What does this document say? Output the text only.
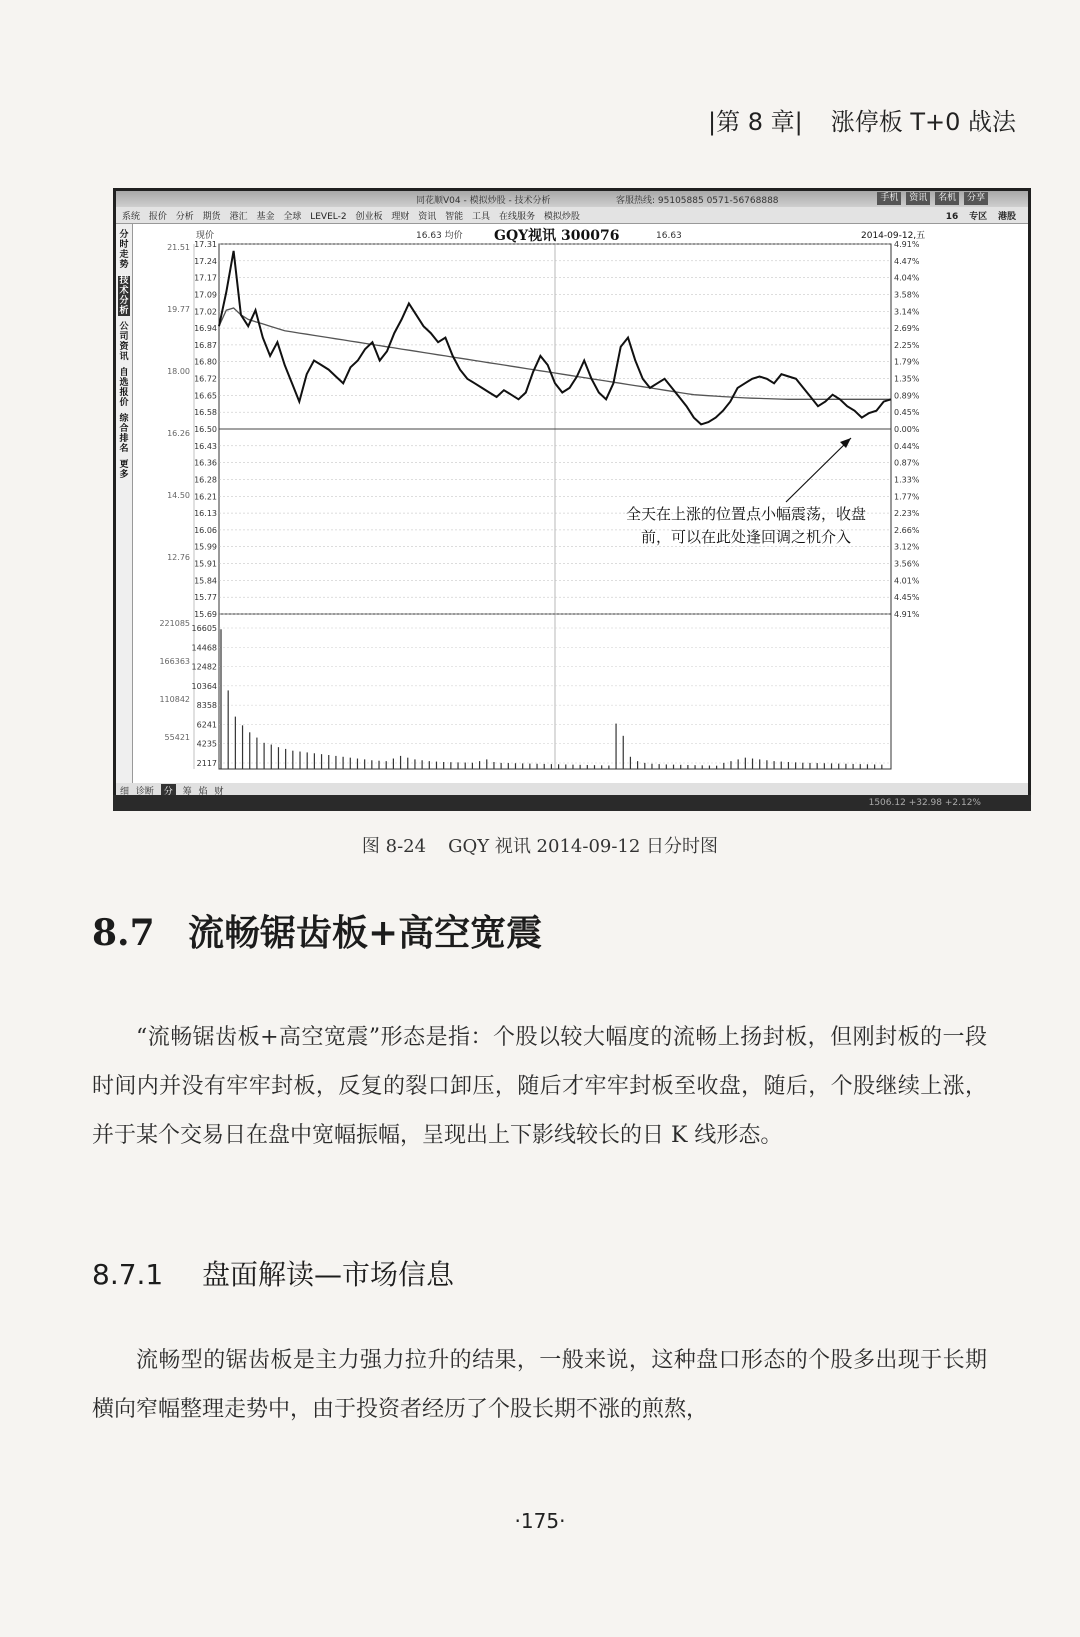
|第 8 章| 涨停板 T+0 战法
同花顺V04 - 模拟炒股 - 技术分析	客服热线: 95105885 0571-56768888	手机 资讯 名机 分享
系统 报价 分析 期货 港汇 基金 全球 LEVEL-2 创业板 理财 资讯 智能 工具 在线服务 模拟炒股	16 专区 港股
分时走势
技术分析
公司资讯
自选报价
综合排名
更多
GQY视讯 300076
现价	16.63 均价	16.63	2014-09-12,五
17.31	4.91%
17.24	4.47%
17.17	4.04%
17.09	3.58%
17.02	3.14%
16.94	2.69%
16.87	2.25%
16.80	1.79%
16.72	1.35%
16.65	0.89%
16.58	0.45%
16.50	0.00%
16.43	0.44%
16.36	0.87%
16.28	1.33%
16.21	1.77%
16.13	2.23%
16.06	2.66%
15.99	3.12%
15.91	3.56%
15.84	4.01%
15.77	4.45%
15.69	4.91%
21.51
19.77
18.00
16.26
14.50
12.76
16605
14468
12482
10364
8358
6241
4235
2117
221085
166363
110842
55421
全天在上涨的位置点小幅震荡，收盘前，可以在此处逢回调之机介入
细 诊断 分 筹 焰 财
1506.12 +32.98 +2.12%
图 8-24 GQY 视讯 2014-09-12 日分时图
8.7 流畅锯齿板+高空宽震

“流畅锯齿板+高空宽震”形态是指：个股以较大幅度的流畅上扬封板，但刚封板的一段时间内并没有牢牢封板，反复的裂口卸压，随后才牢牢封板至收盘，随后，个股继续上涨，并于某个交易日在盘中宽幅振幅，呈现出上下影线较长的日 K 线形态。

8.7.1 盘面解读—市场信息

流畅型的锯齿板是主力强力拉升的结果，一般来说，这种盘口形态的个股多出现于长期横向窄幅整理走势中，由于投资者经历了个股长期不涨的煎熬，

·175·
